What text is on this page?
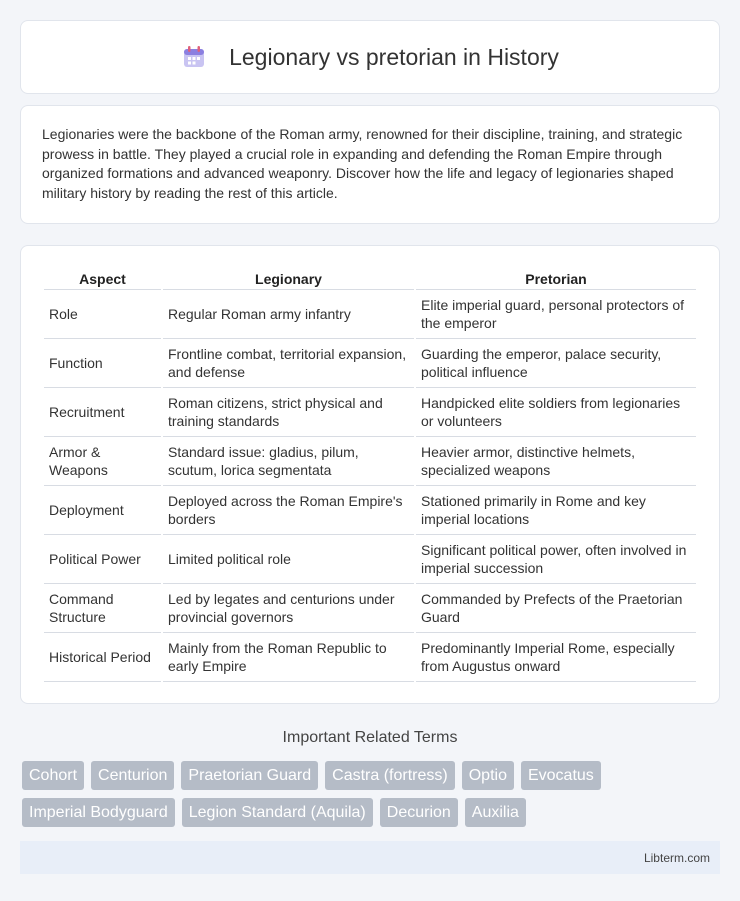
Legionary vs pretorian in History

Legionaries were the backbone of the Roman army, renowned for their discipline, training, and strategic prowess in battle. They played a crucial role in expanding and defending the Roman Empire through organized formations and advanced weaponry. Discover how the life and legacy of legionaries shaped military history by reading the rest of this article.

Aspect	Legionary	Pretorian
Role	Regular Roman army infantry	Elite imperial guard, personal protectors of the emperor
Function	Frontline combat, territorial expansion, and defense	Guarding the emperor, palace security, political influence
Recruitment	Roman citizens, strict physical and training standards	Handpicked elite soldiers from legionaries or volunteers
Armor & Weapons	Standard issue: gladius, pilum, scutum, lorica segmentata	Heavier armor, distinctive helmets, specialized weapons
Deployment	Deployed across the Roman Empire's borders	Stationed primarily in Rome and key imperial locations
Political Power	Limited political role	Significant political power, often involved in imperial succession
Command Structure	Led by legates and centurions under provincial governors	Commanded by Prefects of the Praetorian Guard
Historical Period	Mainly from the Roman Republic to early Empire	Predominantly Imperial Rome, especially from Augustus onward
Important Related Terms
Cohort	Centurion	Praetorian Guard	Castra (fortress)	Optio	Evocatus
Imperial Bodyguard	Legion Standard (Aquila)	Decurion	Auxilia
Libterm.com
